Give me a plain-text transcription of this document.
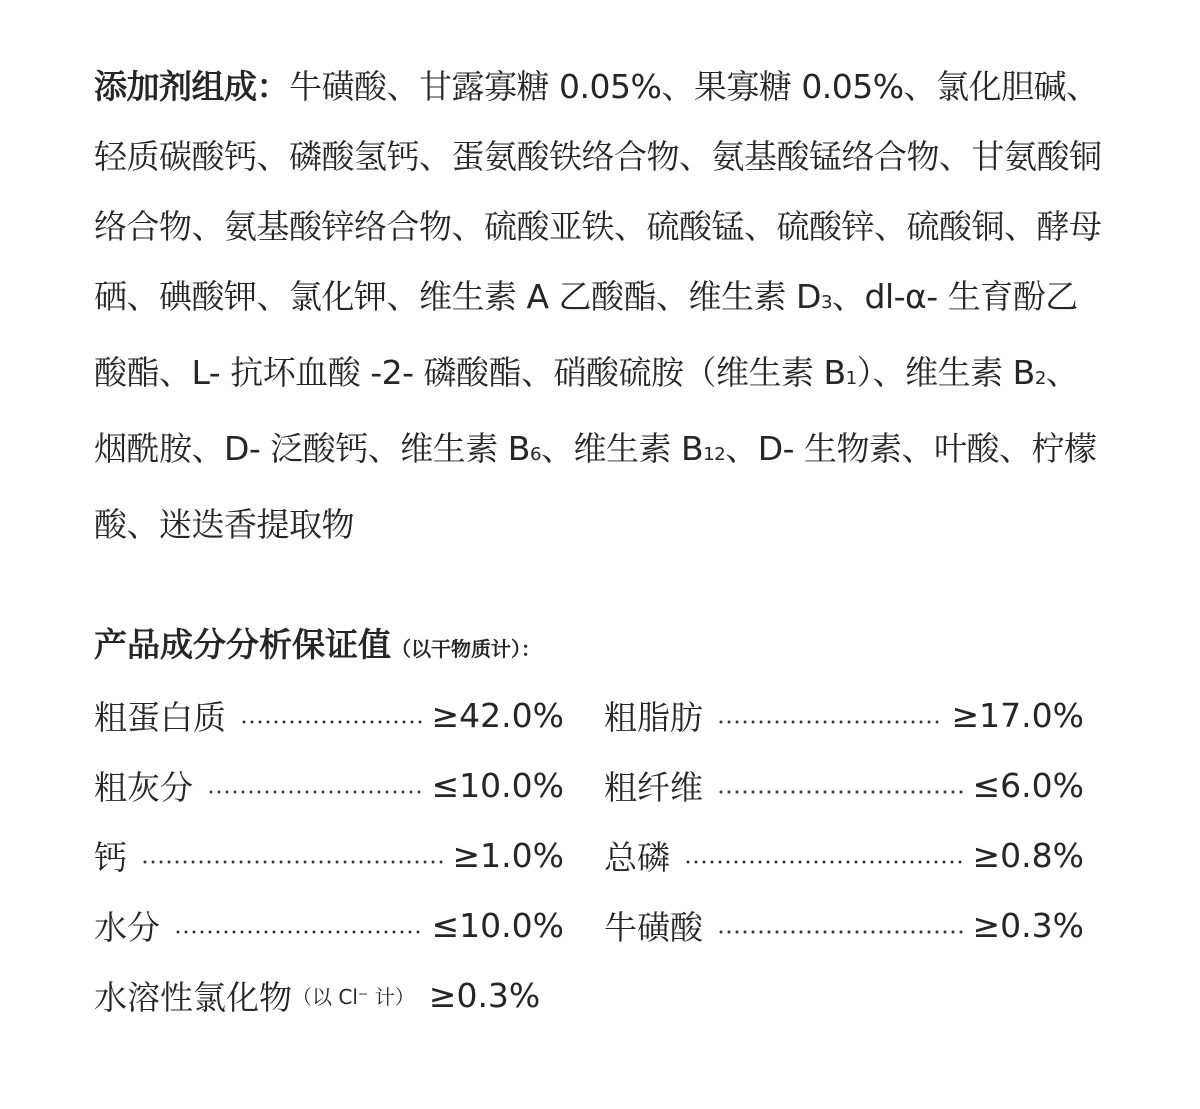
添加剂组成：牛磺酸、甘露寡糖 0.05%、果寡糖 0.05%、氯化胆碱、轻质碳酸钙、磷酸氢钙、蛋氨酸铁络合物、氨基酸锰络合物、甘氨酸铜络合物、氨基酸锌络合物、硫酸亚铁、硫酸锰、硫酸锌、硫酸铜、酵母硒、碘酸钾、氯化钾、维生素 A 乙酸酯、维生素 D3、dl-α- 生育酚乙酸酯、L- 抗坏血酸 -2- 磷酸酯、硝酸硫胺（维生素 B1）、维生素 B2、烟酰胺、D- 泛酸钙、维生素 B6、维生素 B12、D- 生物素、叶酸、柠檬酸、迷迭香提取物
产品成分分析保证值（以干物质计）：
粗蛋白质	≥42.0% 粗脂肪	≥17.0%
粗灰分	≤10.0% 粗纤维	≤6.0%
钙	≥1.0% 总磷	≥0.8%
水分	≤10.0% 牛磺酸	≥0.3%
水溶性氯化物 （以 Cl⁻ 计） ≥0.3%
